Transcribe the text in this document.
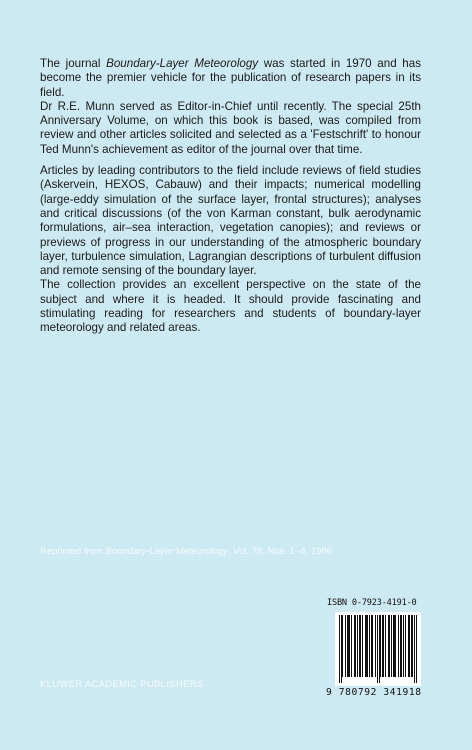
The journal Boundary-Layer Meteorology was started in 1970 and has become the premier vehicle for the publication of research papers in its field.

Dr R.E. Munn served as Editor-in-Chief until recently. The special 25th Anniversary Volume, on which this book is based, was compiled from review and other articles solicited and selected as a 'Festschrift' to honour Ted Munn's achievement as editor of the journal over that time.

Articles by leading contributors to the field include reviews of field studies (Askervein, HEXOS, Cabauw) and their impacts; numerical modelling (large-eddy simulation of the surface layer, frontal structures); analyses and critical discussions (of the von Karman constant, bulk aerodynamic formulations, air–sea interaction, vegetation canopies); and reviews or previews of progress in our understanding of the atmospheric boundary layer, turbulence simulation, Lagrangian descriptions of turbulent diffusion and remote sensing of the boundary layer.

The collection provides an excellent perspective on the state of the subject and where it is headed. It should provide fascinating and stimulating reading for researchers and students of boundary-layer meteorology and related areas.

Reprinted from Boundary-Layer Meteorology, Vol. 78, Nos. 1–4, 1996
ISBN 0-7923-4191-0
9 780792 341918
KLUWER ACADEMIC PUBLISHERS
